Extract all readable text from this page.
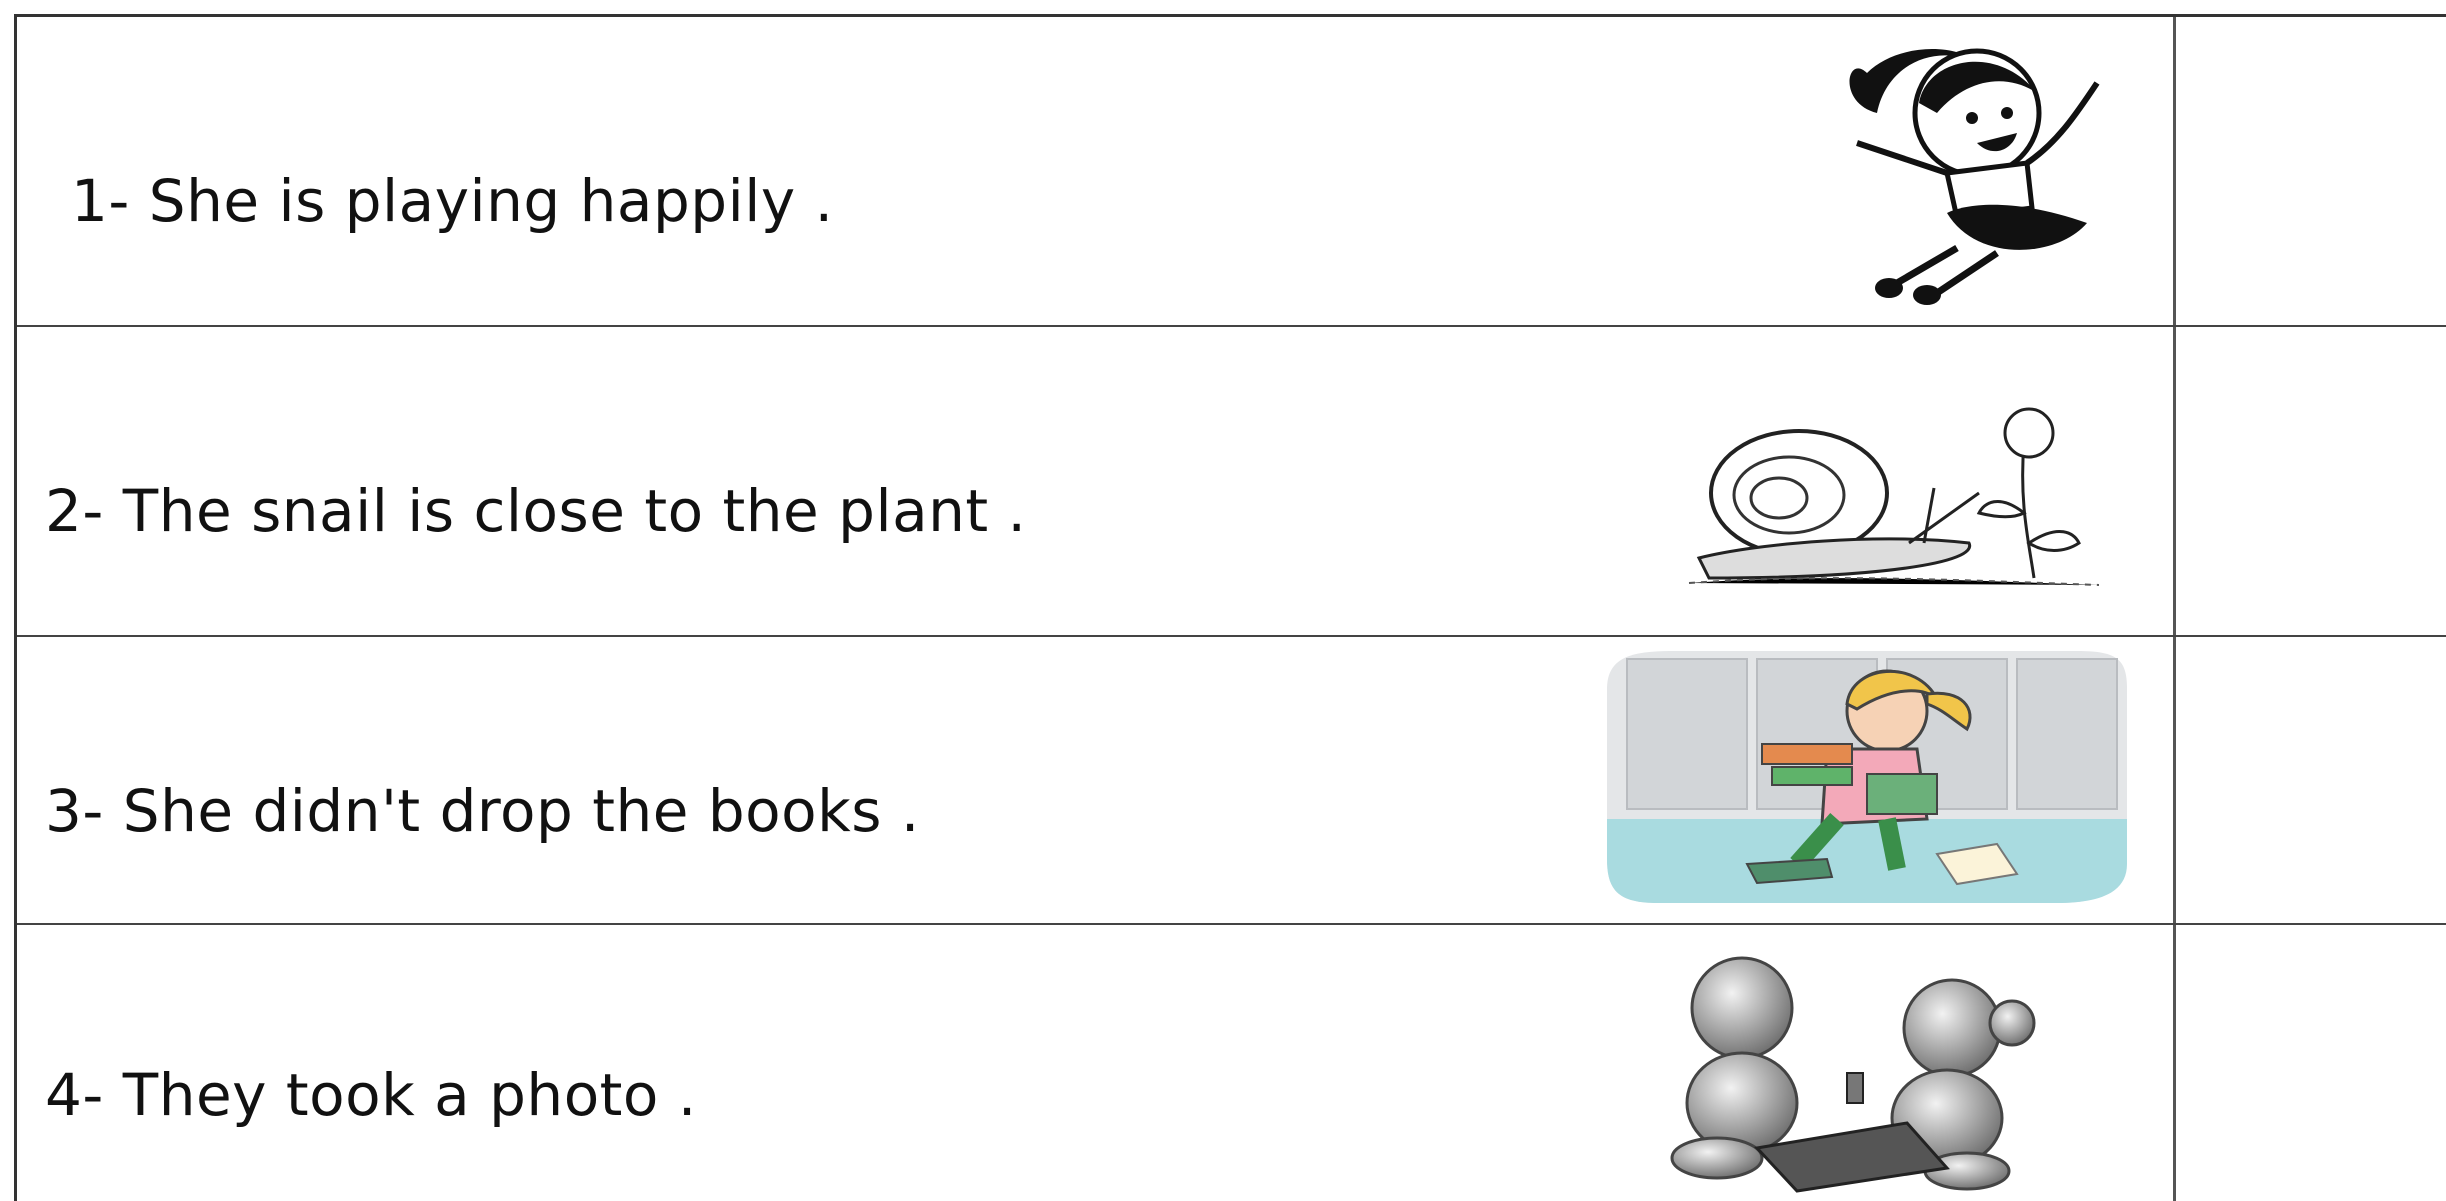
1- She is playing happily .
2- The snail is close to the plant .
3- She didn't drop the books .
4- They took a photo .
